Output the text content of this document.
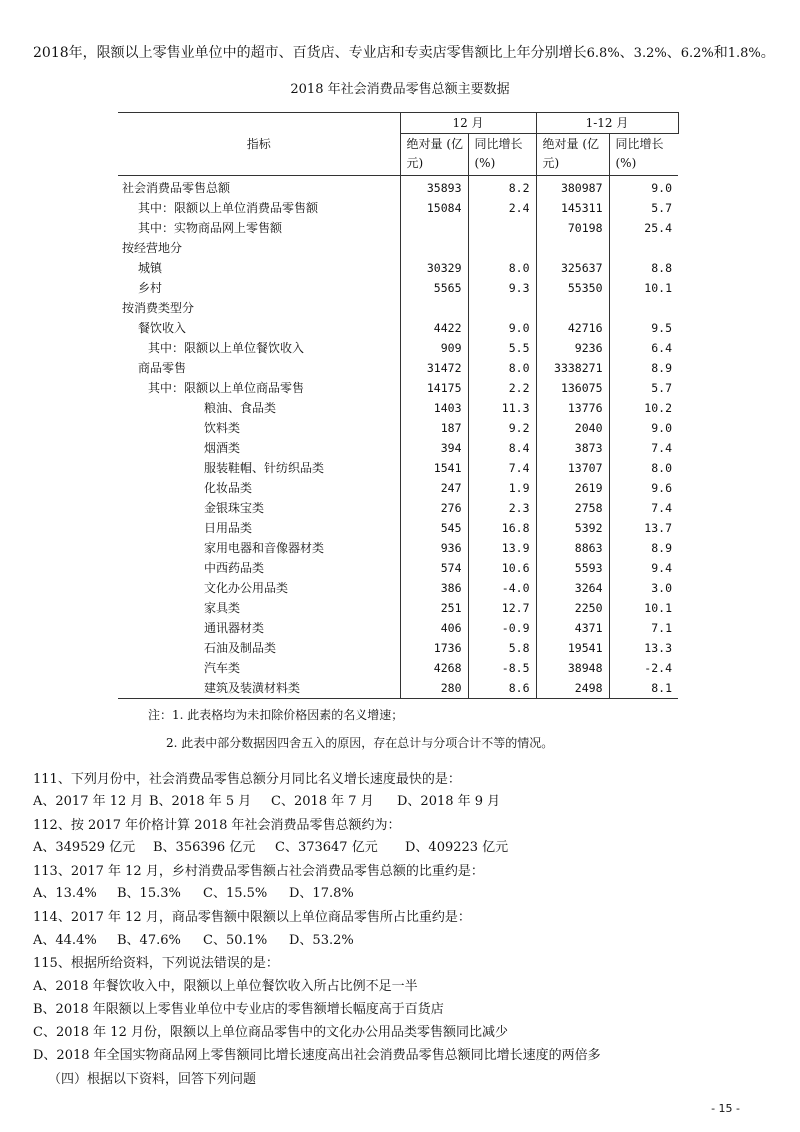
2018年，限额以上零售业单位中的超市、百货店、专业店和专卖店零售额比上年分别增长6.8%、3.2%、6.2%和1.8%。
2018 年社会消费品零售总额主要数据
指标	12 月		1-12 月	
	绝对量 (亿元)	同比增长 (%)	绝对量 (亿元)	同比增长 (%)
社会消费品零售总额	35893	8.2	380987	9.0
其中：限额以上单位消费品零售额	15084	2.4	145311	5.7
其中：实物商品网上零售额			70198	25.4
按经营地分				
城镇	30329	8.0	325637	8.8
乡村	5565	9.3	55350	10.1
按消费类型分				
餐饮收入	4422	9.0	42716	9.5
其中：限额以上单位餐饮收入	909	5.5	9236	6.4
商品零售	31472	8.0	3338271	8.9
其中：限额以上单位商品零售	14175	2.2	136075	5.7
粮油、食品类	1403	11.3	13776	10.2
饮料类	187	9.2	2040	9.0
烟酒类	394	8.4	3873	7.4
服装鞋帽、针纺织品类	1541	7.4	13707	8.0
化妆品类	247	1.9	2619	9.6
金银珠宝类	276	2.3	2758	7.4
日用品类	545	16.8	5392	13.7
家用电器和音像器材类	936	13.9	8863	8.9
中西药品类	574	10.6	5593	9.4
文化办公用品类	386	-4.0	3264	3.0
家具类	251	12.7	2250	10.1
通讯器材类	406	-0.9	4371	7.1
石油及制品类	1736	5.8	19541	13.3
汽车类	4268	-8.5	38948	-2.4
建筑及装潢材料类	280	8.6	2498	8.1
注：1. 此表格均为未扣除价格因素的名义增速；
2. 此表中部分数据因四舍五入的原因，存在总计与分项合计不等的情况。
111、下列月份中，社会消费品零售总额分月同比名义增长速度最快的是：
A、2017 年 12 月 B、2018 年 5 月 C、2018 年 7 月 D、2018 年 9 月
112、按 2017 年价格计算 2018 年社会消费品零售总额约为：
A、349529 亿元 B、356396 亿元 C、373647 亿元 D、409223 亿元
113、2017 年 12 月，乡村消费品零售额占社会消费品零售总额的比重约是：
A、13.4% B、15.3% C、15.5% D、17.8%
114、2017 年 12 月，商品零售额中限额以上单位商品零售所占比重约是：
A、44.4% B、47.6% C、50.1% D、53.2%
115、根据所给资料，下列说法错误的是：
A、2018 年餐饮收入中，限额以上单位餐饮收入所占比例不足一半
B、2018 年限额以上零售业单位中专业店的零售额增长幅度高于百货店
C、2018 年 12 月份，限额以上单位商品零售中的文化办公用品类零售额同比减少
D、2018 年全国实物商品网上零售额同比增长速度高出社会消费品零售总额同比增长速度的两倍多
（四）根据以下资料，回答下列问题
- 15 -
